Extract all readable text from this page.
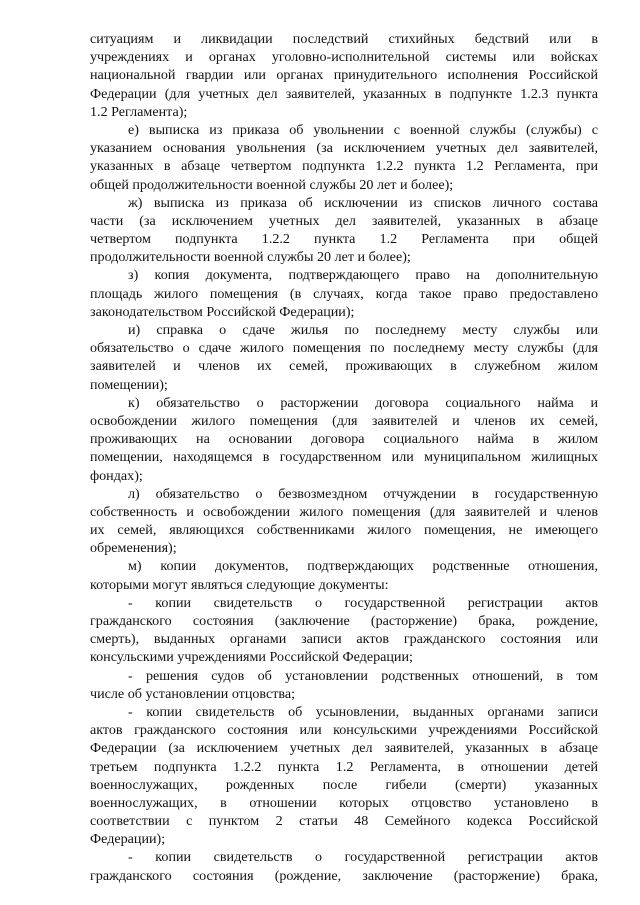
ситуациям и ликвидации последствий стихийных бедствий или в
учреждениях и органах уголовно-исполнительной системы или войсках
национальной гвардии или органах принудительного исполнения Российской
Федерации (для учетных дел заявителей, указанных в подпункте 1.2.3 пункта
1.2 Регламента);
е) выписка из приказа об увольнении с военной службы (службы) с
указанием основания увольнения (за исключением учетных дел заявителей,
указанных в абзаце четвертом подпункта 1.2.2 пункта 1.2 Регламента, при
общей продолжительности военной службы 20 лет и более);
ж) выписка из приказа об исключении из списков личного состава
части (за исключением учетных дел заявителей, указанных в абзаце
четвертом подпункта 1.2.2 пункта 1.2 Регламента при общей
продолжительности военной службы 20 лет и более);
з) копия документа, подтверждающего право на дополнительную
площадь жилого помещения (в случаях, когда такое право предоставлено
законодательством Российской Федерации);
и) справка о сдаче жилья по последнему месту службы или
обязательство о сдаче жилого помещения по последнему месту службы (для
заявителей и членов их семей, проживающих в служебном жилом
помещении);
к) обязательство о расторжении договора социального найма и
освобождении жилого помещения (для заявителей и членов их семей,
проживающих на основании договора социального найма в жилом
помещении, находящемся в государственном или муниципальном жилищных
фондах);
л) обязательство о безвозмездном отчуждении в государственную
собственность и освобождении жилого помещения (для заявителей и членов
их семей, являющихся собственниками жилого помещения, не имеющего
обременения);
м) копии документов, подтверждающих родственные отношения,
которыми могут являться следующие документы:
- копии свидетельств о государственной регистрации актов
гражданского состояния (заключение (расторжение) брака, рождение,
смерть), выданных органами записи актов гражданского состояния или
консульскими учреждениями Российской Федерации;
- решения судов об установлении родственных отношений, в том
числе об установлении отцовства;
- копии свидетельств об усыновлении, выданных органами записи
актов гражданского состояния или консульскими учреждениями Российской
Федерации (за исключением учетных дел заявителей, указанных в абзаце
третьем подпункта 1.2.2 пункта 1.2 Регламента, в отношении детей
военнослужащих, рожденных после гибели (смерти) указанных
военнослужащих, в отношении которых отцовство установлено в
соответствии с пунктом 2 статьи 48 Семейного кодекса Российской
Федерации);
- копии свидетельств о государственной регистрации актов
гражданского состояния (рождение, заключение (расторжение) брака,
